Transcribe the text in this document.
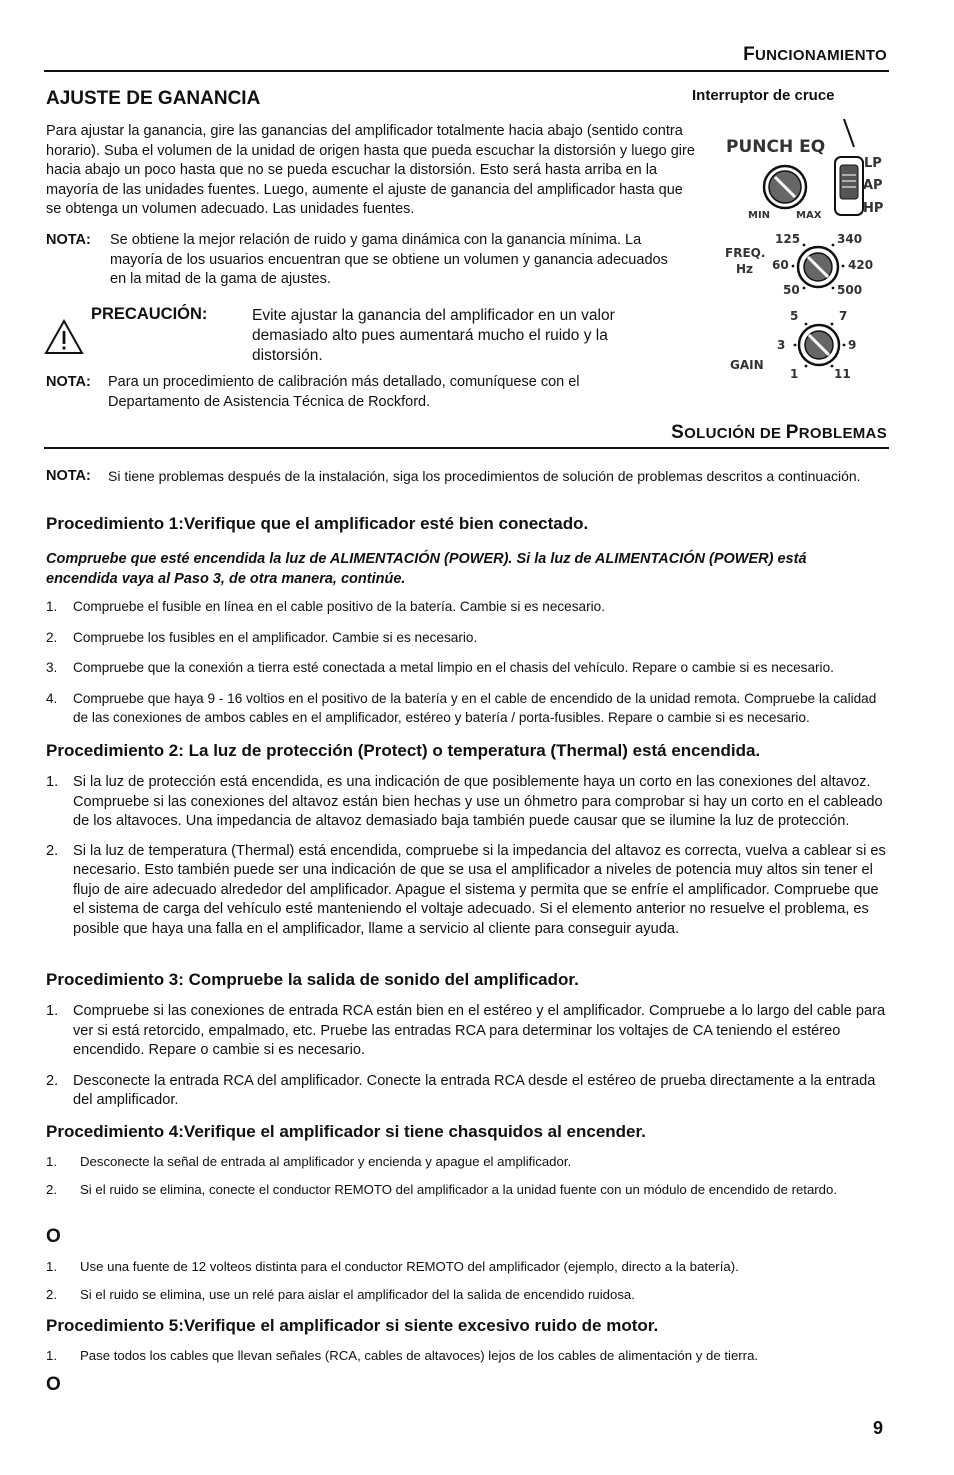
FUNCIONAMIENTO
AJUSTE DE GANANCIA

Para ajustar la ganancia, gire las ganancias del amplificador totalmente hacia abajo (sentido contra horario). Suba el volumen de la unidad de origen hasta que pueda escuchar la distorsión y luego gire hacia abajo un poco hasta que no se pueda escuchar la distorsión. Esto será hasta arriba en la mayoría de las unidades fuentes. Luego, aumente el ajuste de ganancia del amplificador hasta que se obtenga un volumen adecuado. Las unidades fuentes.

NOTA: Se obtiene la mejor relación de ruido y gama dinámica con la ganancia mínima. La mayoría de los usuarios encuentran que se obtiene un volumen y ganancia adecuados en la mitad de la gama de ajustes.
PRECAUCIÓN:	Evite ajustar la ganancia del amplificador en un valor demasiado alto pues aumentará mucho el ruido y la distorsión.

NOTA: Para un procedimiento de calibración más detallado, comuníquese con el Departamento de Asistencia Técnica de Rockford.
Interruptor de cruce
PUNCH EQ
MIN	MAX
LP
AP
HP
FREQ.
Hz
125	340
60	420
50	500
5	7
3	9
1	11
GAIN
SOLUCIÓN DE PROBLEMAS
NOTA: Si tiene problemas después de la instalación, siga los procedimientos de solución de problemas descritos a continuación.
Procedimiento 1:Verifique que el amplificador esté bien conectado.
Compruebe que esté encendida la luz de ALIMENTACIÓN (POWER). Si la luz de ALIMENTACIÓN (POWER) está encendida vaya al Paso 3, de otra manera, continúe.
1. Compruebe el fusible en línea en el cable positivo de la batería. Cambie si es necesario.
2. Compruebe los fusibles en el amplificador. Cambie si es necesario.
3. Compruebe que la conexión a tierra esté conectada a metal limpio en el chasis del vehículo. Repare o cambie si es necesario.
4. Compruebe que haya 9 - 16 voltios en el positivo de la batería y en el cable de encendido de la unidad remota. Compruebe la calidad de las conexiones de ambos cables en el amplificador, estéreo y batería / porta-fusibles. Repare o cambie si es necesario.
Procedimiento 2: La luz de protección (Protect) o temperatura (Thermal) está encendida.
1. Si la luz de protección está encendida, es una indicación de que posiblemente haya un corto en las conexiones del altavoz. Compruebe si las conexiones del altavoz están bien hechas y use un óhmetro para comprobar si hay un corto en el cableado de los altavoces. Una impedancia de altavoz demasiado baja también puede causar que se ilumine la luz de protección.
2. Si la luz de temperatura (Thermal) está encendida, compruebe si la impedancia del altavoz es correcta, vuelva a cablear si es necesario. Esto también puede ser una indicación de que se usa el amplificador a niveles de potencia muy altos sin tener el flujo de aire adecuado alrededor del amplificador. Apague el sistema y permita que se enfríe el amplificador. Compruebe que el sistema de carga del vehículo esté manteniendo el voltaje adecuado. Si el elemento anterior no resuelve el problema, es posible que haya una falla en el amplificador, llame a servicio al cliente para conseguir ayuda.
Procedimiento 3: Compruebe la salida de sonido del amplificador.
1. Compruebe si las conexiones de entrada RCA están bien en el estéreo y el amplificador. Compruebe a lo largo del cable para ver si está retorcido, empalmado, etc. Pruebe las entradas RCA para determinar los voltajes de CA teniendo el estéreo encendido. Repare o cambie si es necesario.
2. Desconecte la entrada RCA del amplificador. Conecte la entrada RCA desde el estéreo de prueba directamente a la entrada del amplificador.
Procedimiento 4:Verifique el amplificador si tiene chasquidos al encender.
1. Desconecte la señal de entrada al amplificador y encienda y apague el amplificador.
2. Si el ruido se elimina, conecte el conductor REMOTO del amplificador a la unidad fuente con un módulo de encendido de retardo.
O
1. Use una fuente de 12 volteos distinta para el conductor REMOTO del amplificador (ejemplo, directo a la batería).
2. Si el ruido se elimina, use un relé para aislar el amplificador del la salida de encendido ruidosa.
Procedimiento 5:Verifique el amplificador si siente excesivo ruido de motor.
1. Pase todos los cables que llevan señales (RCA, cables de altavoces) lejos de los cables de alimentación y de tierra.
O
9
